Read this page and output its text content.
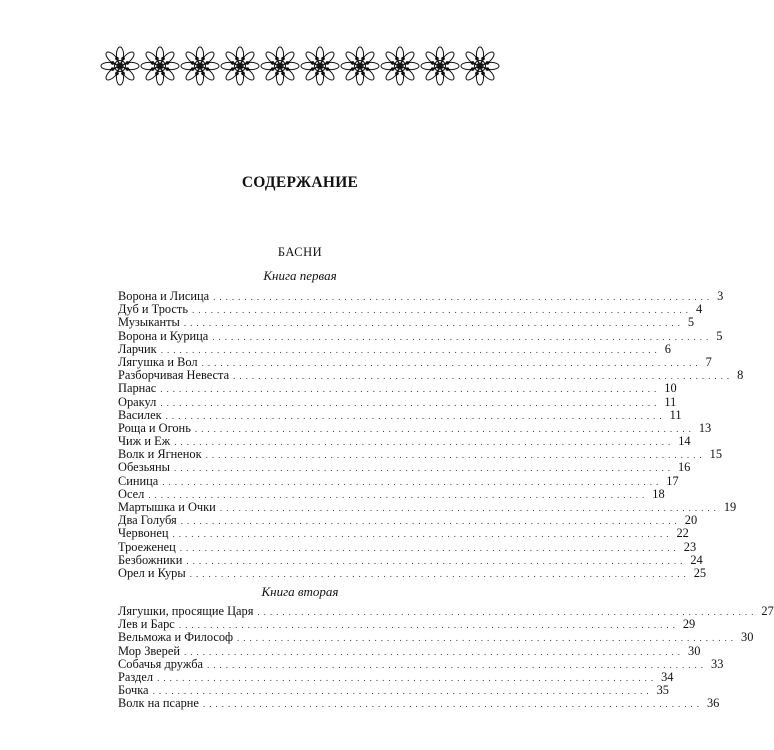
СОДЕРЖАНИЕ
БАСНИ
Книга первая
Ворона и Лисица ................................................................................ 3
Дуб и Трость ................................................................................ 4
Музыканты ................................................................................ 5
Ворона и Курица ................................................................................ 5
Ларчик ................................................................................ 6
Лягушка и Вол ................................................................................ 7
Разборчивая Невеста ................................................................................ 8
Парнас ................................................................................ 10
Оракул ................................................................................ 11
Василек ................................................................................ 11
Роща и Огонь ................................................................................ 13
Чиж и Еж ................................................................................ 14
Волк и Ягненок ................................................................................ 15
Обезьяны ................................................................................ 16
Синица ................................................................................ 17
Осел ................................................................................ 18
Мартышка и Очки ................................................................................ 19
Два Голубя ................................................................................ 20
Червонец ................................................................................ 22
Троеженец ................................................................................ 23
Безбожники ................................................................................ 24
Орел и Куры ................................................................................ 25
Книга вторая
Лягушки, просящие Царя ................................................................................ 27
Лев и Барс ................................................................................ 29
Вельможа и Философ ................................................................................ 30
Мор Зверей ................................................................................ 30
Собачья дружба ................................................................................ 33
Раздел ................................................................................ 34
Бочка ................................................................................ 35
Волк на псарне ................................................................................ 36
